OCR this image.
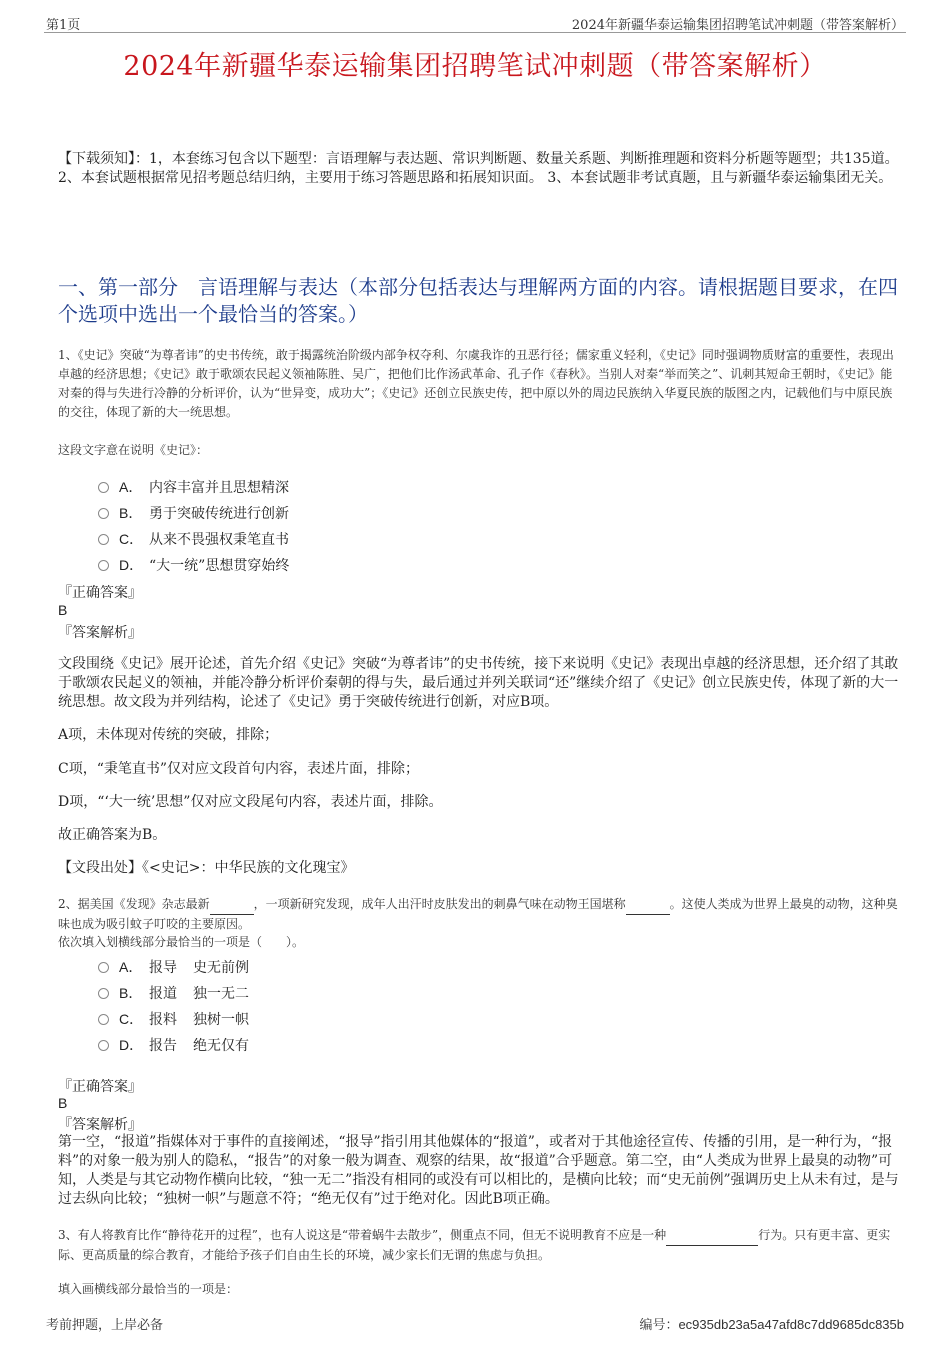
第1页	2024年新疆华泰运输集团招聘笔试冲刺题（带答案解析）
2024年新疆华泰运输集团招聘笔试冲刺题（带答案解析）
【下载须知】：1，本套练习包含以下题型：言语理解与表达题、常识判断题、数量关系题、判断推理题和资料分析题等题型；共135道。 2、本套试题根据常见招考题总结归纳，主要用于练习答题思路和拓展知识面。 3、本套试题非考试真题，且与新疆华泰运输集团无关。
一、第一部分　言语理解与表达（本部分包括表达与理解两方面的内容。请根据题目要求，在四个选项中选出一个最恰当的答案。）
1、《史记》突破“为尊者讳”的史书传统，敢于揭露统治阶级内部争权夺利、尔虞我诈的丑恶行径；儒家重义轻利，《史记》同时强调物质财富的重要性，表现出卓越的经济思想；《史记》敢于歌颂农民起义领袖陈胜、吴广，把他们比作汤武革命、孔子作《春秋》。当别人对秦“举而笑之”、讥刺其短命王朝时，《史记》能对秦的得与失进行冷静的分析评价，认为“世异变，成功大”；《史记》还创立民族史传，把中原以外的周边民族纳入华夏民族的版图之内，记载他们与中原民族的交往，体现了新的大一统思想。
这段文字意在说明《史记》：
A． 内容丰富并且思想精深
B． 勇于突破传统进行创新
C． 从来不畏强权秉笔直书
D． “大一统”思想贯穿始终
『正确答案』
B
『答案解析』
文段围绕《史记》展开论述，首先介绍《史记》突破“为尊者讳”的史书传统，接下来说明《史记》表现出卓越的经济思想，还介绍了其敢于歌颂农民起义的领袖，并能冷静分析评价秦朝的得与失，最后通过并列关联词“还”继续介绍了《史记》创立民族史传，体现了新的大一统思想。故文段为并列结构，论述了《史记》勇于突破传统进行创新，对应B项。
A项，未体现对传统的突破，排除；
C项，“秉笔直书”仅对应文段首句内容，表述片面，排除；
D项，“‘大一统’思想”仅对应文段尾句内容，表述片面，排除。
故正确答案为B。
【文段出处】《<史记>：中华民族的文化瑰宝》
2、据美国《发现》杂志最新	，一项新研究发现，成年人出汗时皮肤发出的刺鼻气味在动物王国堪称	。这使人类成为世界上最臭的动物，这种臭味也成为吸引蚊子叮咬的主要原因。
依次填入划横线部分最恰当的一项是（　　）。
A． 报导 史无前例
B． 报道 独一无二
C． 报料 独树一帜
D． 报告 绝无仅有
『正确答案』
B
『答案解析』
第一空，“报道”指媒体对于事件的直接阐述，“报导”指引用其他媒体的“报道”，或者对于其他途径宣传、传播的引用，是一种行为，“报料”的对象一般为别人的隐私，“报告”的对象一般为调查、观察的结果，故“报道”合乎题意。第二空，由“人类成为世界上最臭的动物”可知，人类是与其它动物作横向比较，“独一无二”指没有相同的或没有可以相比的，是横向比较；而“史无前例”强调历史上从未有过，是与过去纵向比较；“独树一帜”与题意不符；“绝无仅有”过于绝对化。因此B项正确。
3、有人将教育比作“静待花开的过程”，也有人说这是“带着蜗牛去散步”，侧重点不同，但无不说明教育不应是一种	行为。只有更丰富、更实际、更高质量的综合教育，才能给予孩子们自由生长的环境，减少家长们无谓的焦虑与负担。
填入画横线部分最恰当的一项是：
考前押题，上岸必备	编号：ec935db23a5a47afd8c7dd9685dc835b
